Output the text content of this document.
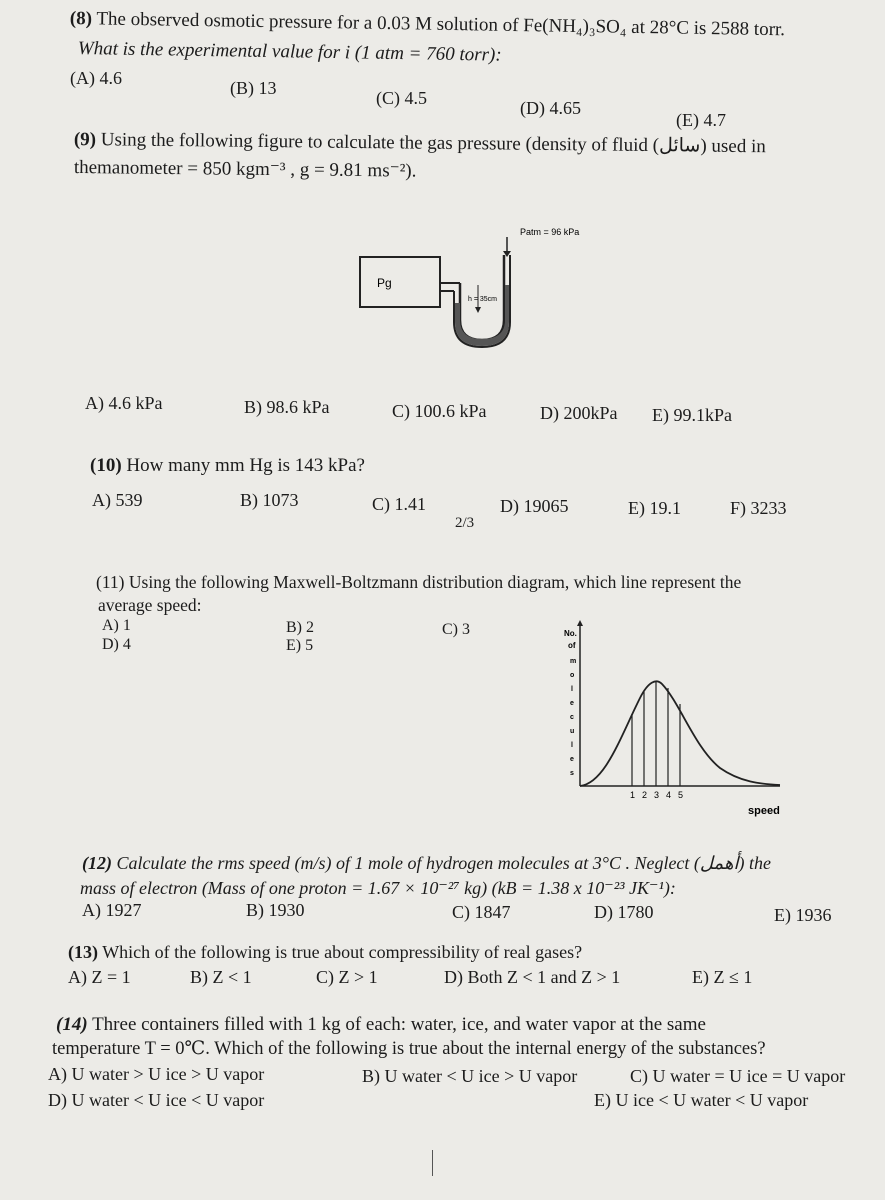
(8) The observed osmotic pressure for a 0.03 M solution of Fe(NH₄)₃SO₄ at 28°C is 2588 torr.
What is the experimental value for i (1 atm = 760 torr):
(A) 4.6	(B) 13	(C) 4.5	(D) 4.65
(E) 4.7
(9) Using the following figure to calculate the gas pressure (density of fluid (سائل) used in
themanometer = 850 kgm⁻³ , g = 9.81 ms⁻²).
Patm = 96 kPa
Pg
h = 35cm
A) 4.6 kPa	B) 98.6 kPa	C) 100.6 kPa	D) 200kPa E) 99.1kPa
(10) How many mm Hg is 143 kPa?
A) 539	B) 1073	C) 1.41	D) 19065	E) 19.1	F) 3233
2/3
(11) Using the following Maxwell-Boltzmann distribution diagram, which line represent the
average speed:
A) 1	B) 2	C) 3
D) 4	E) 5
1 2 3 4 5
No.
of
m
o
l
e
c
u
l
e
s
speed
(12) Calculate the rms speed (m/s) of 1 mole of hydrogen molecules at 3°C . Neglect (أهمل) the
mass of electron (Mass of one proton = 1.67 × 10⁻²⁷ kg) (kB = 1.38 x 10⁻²³ JK⁻¹):
A) 1927	B) 1930	C) 1847	D) 1780	E) 1936
(13) Which of the following is true about compressibility of real gases?
A) Z = 1	B) Z < 1	C) Z > 1	D) Both Z < 1 and Z > 1	E) Z ≤ 1
(14) Three containers filled with 1 kg of each: water, ice, and water vapor at the same
temperature T = 0℃. Which of the following is true about the internal energy of the substances?
A) U water > U ice > U vapor	B) U water < U ice > U vapor	C) U water = U ice = U vapor
D) U water < U ice < U vapor	E) U ice < U water < U vapor
